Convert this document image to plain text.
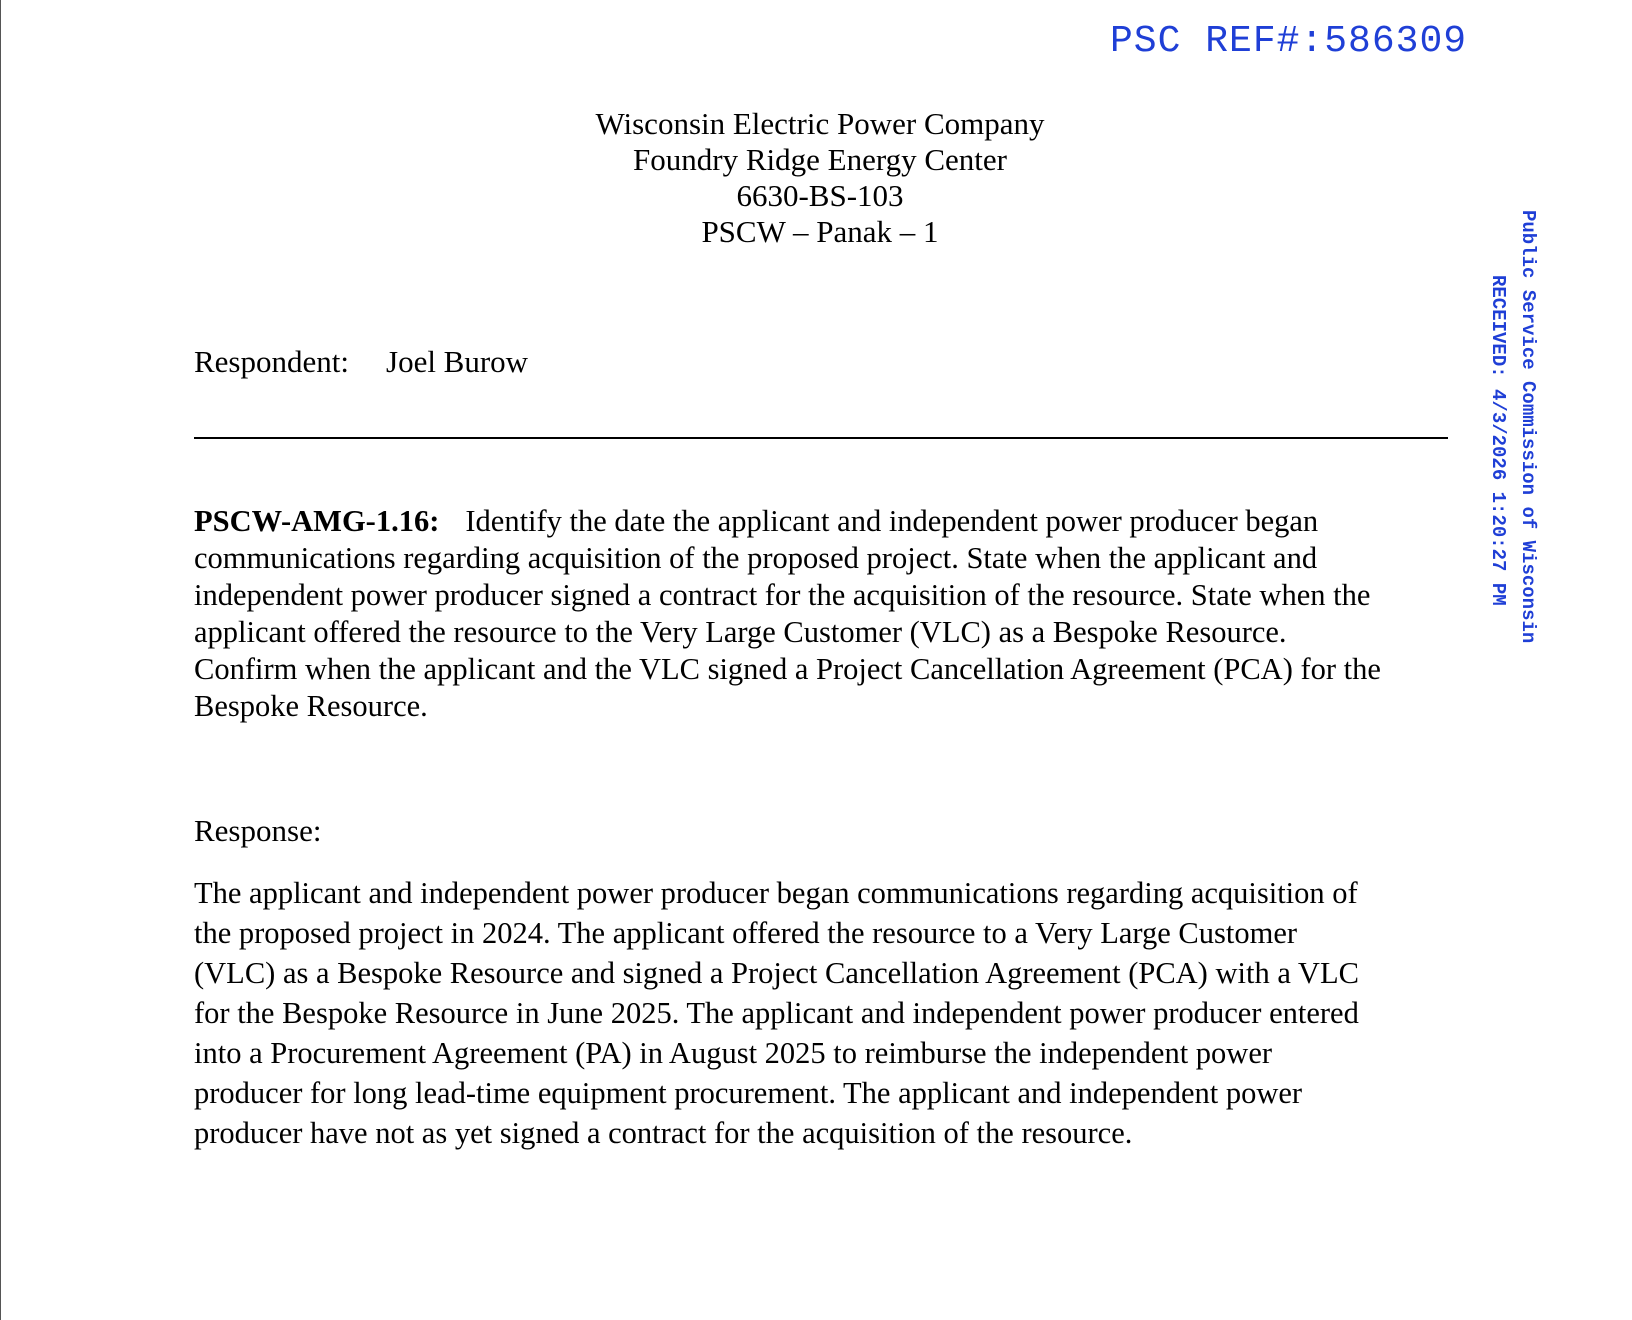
PSC REF#:586309
Public Service Commission of Wisconsin
RECEIVED: 4/3/2026 1:20:27 PM
Wisconsin Electric Power Company
Foundry Ridge Energy Center
6630-BS-103
PSCW – Panak – 1
Respondent: Joel Burow
PSCW-AMG-1.16: Identify the date the applicant and independent power producer began
communications regarding acquisition of the proposed project. State when the applicant and
independent power producer signed a contract for the acquisition of the resource. State when the
applicant offered the resource to the Very Large Customer (VLC) as a Bespoke Resource.
Confirm when the applicant and the VLC signed a Project Cancellation Agreement (PCA) for the
Bespoke Resource.
Response:
The applicant and independent power producer began communications regarding acquisition of
the proposed project in 2024. The applicant offered the resource to a Very Large Customer
(VLC) as a Bespoke Resource and signed a Project Cancellation Agreement (PCA) with a VLC
for the Bespoke Resource in June 2025. The applicant and independent power producer entered
into a Procurement Agreement (PA) in August 2025 to reimburse the independent power
producer for long lead-time equipment procurement. The applicant and independent power
producer have not as yet signed a contract for the acquisition of the resource.
